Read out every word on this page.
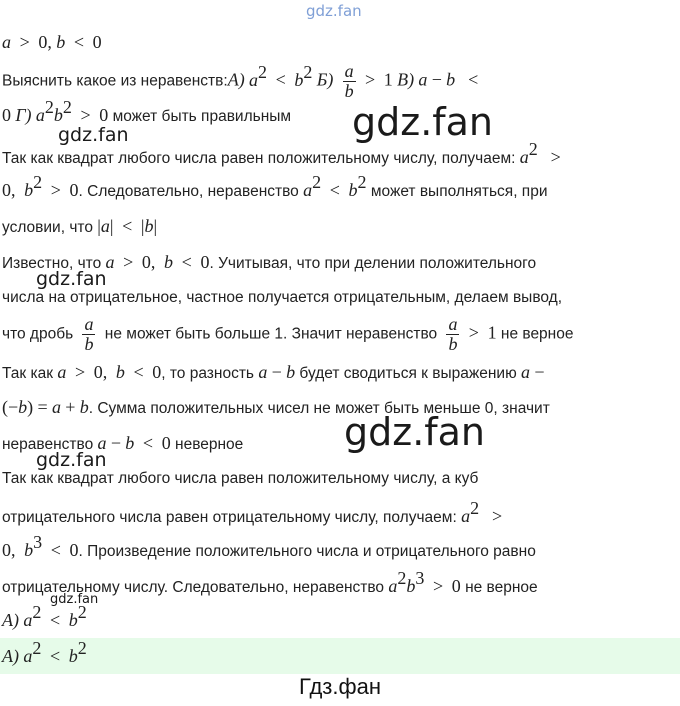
gdz.fan
a > 0, b < 0
Выяснить какое из неравенств:А) $a^2 < b^2$ $Б) \frac{a}{b} > 1$ В) a − b <
0 Г) $a^2b^2 > 0$ может быть правильным gdz.fan
gdz.fan
Так как квадрат любого числа равен положительному числу, получаем: $a^2$ >
0, $b^2 > 0$. Следовательно, неравенство $a^2 < b^2$ может выполняться, при
условии, что |a| < |b|
Известно, что a > 0, b < 0. Учитывая, что при делении положительного
gdz.fan
числа на отрицательное, частное получается отрицательным, делаем вывод,
что дробь $\frac{a}{b}$ не может быть больше 1. Значит неравенство $\frac{a}{b} > 1$ не верное
Так как a > 0, b < 0, то разность a − b будет сводиться к выражению a −
(−b) = a + b. Сумма положительных чисел не может быть меньше 0, значит
неравенство a − b < 0 неверное	gdz.fan
gdz.fan
Так как квадрат любого числа равен положительному числу, а куб
отрицательного числа равен отрицательному числу, получаем: $a^2$ >
0, $b^3 < 0$. Произведение положительного числа и отрицательного равно
отрицательному числу. Следовательно, неравенство $a^2b^3 > 0$ не верное
gdz.fan
А) $a^2 < b^2$
А) $a^2 < b^2$
Гдз.фан
